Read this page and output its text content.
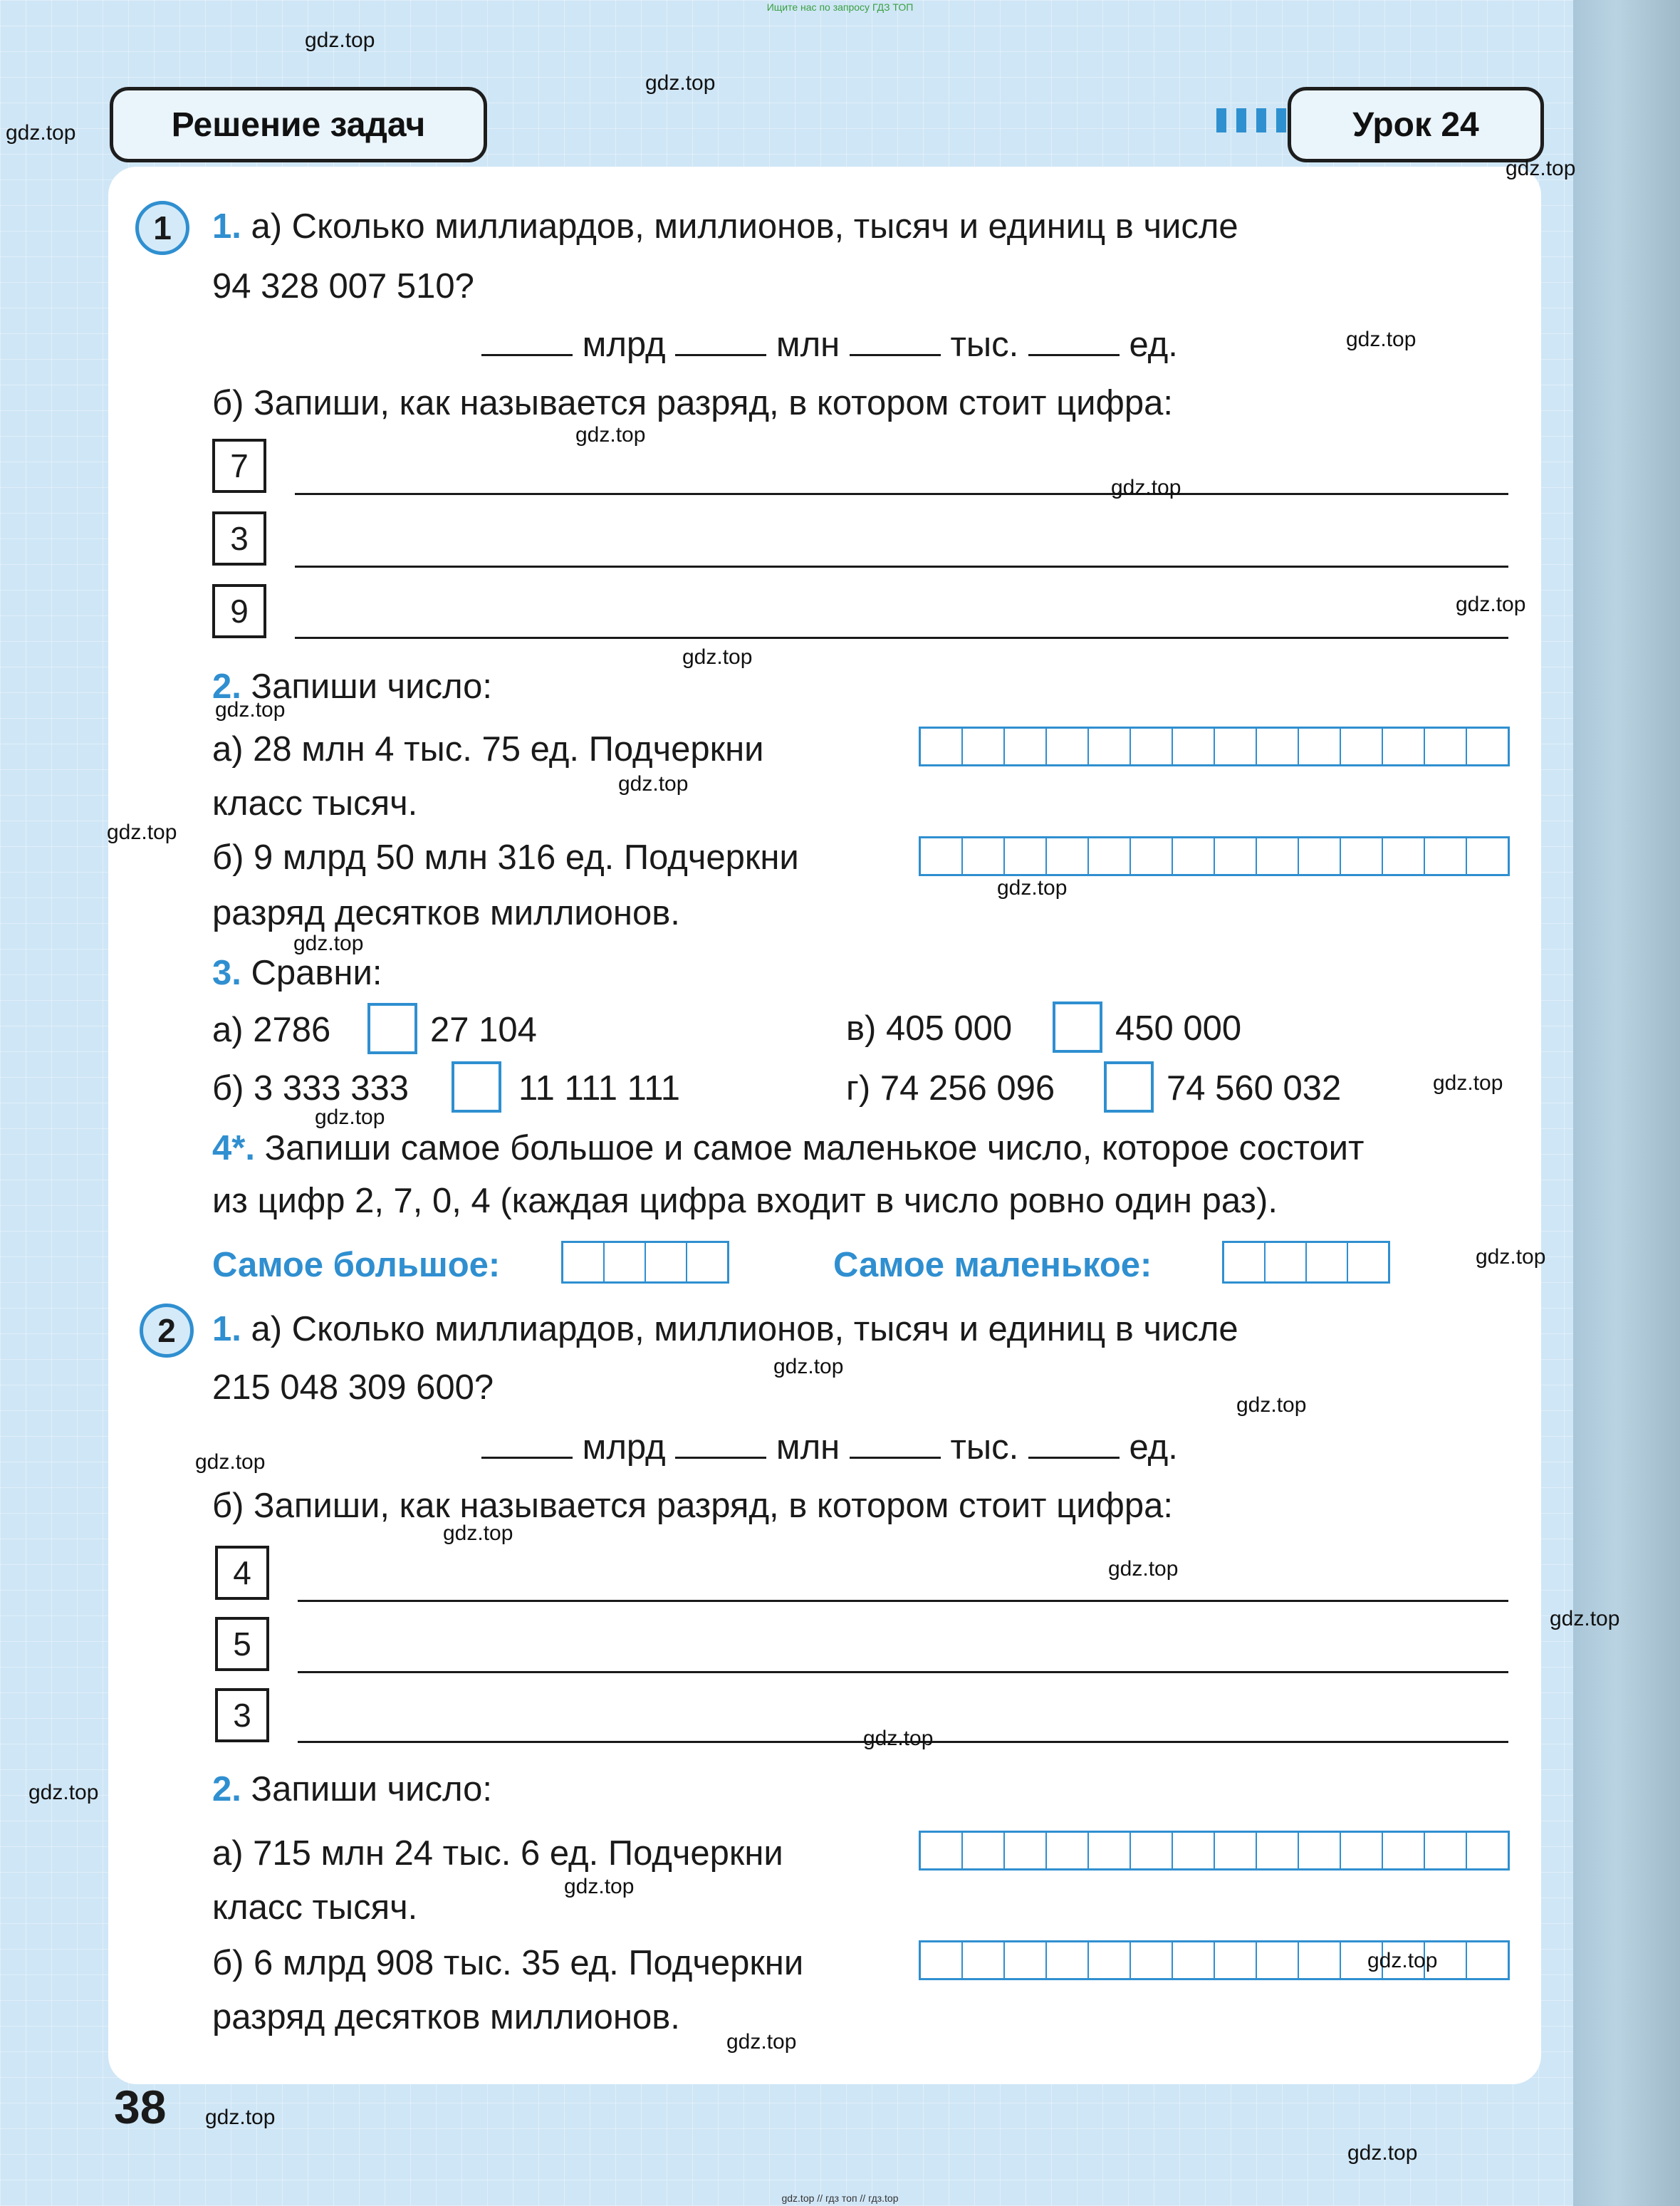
Ищите нас по запросу ГДЗ ТОП
Решение задач	Урок 24
1 1. а) Сколько миллиардов, миллионов, тысяч и единиц в числе
94 328 007 510?
млрд	млн	тыс.	ед.
б) Запиши, как называется разряд, в котором стоит цифра:
7
3
9
2. Запиши число:
а) 28 млн 4 тыс. 75 ед. Подчеркни
класс тысяч.
б) 9 млрд 50 млн 316 ед. Подчеркни
разряд десятков миллионов.
3. Сравни:
а) 2786	27 104
б) 3 333 333	11 111 111
в) 405 000	450 000
г) 74 256 096	74 560 032
4*. Запиши самое большое и самое маленькое число, которое состоит
из цифр 2, 7, 0, 4 (каждая цифра входит в число ровно один раз).
Самое большое:	Самое маленькое:
2 1. а) Сколько миллиардов, миллионов, тысяч и единиц в числе
215 048 309 600?
млрд	млн	тыс.	ед.
б) Запиши, как называется разряд, в котором стоит цифра:
4
5
3
2. Запиши число:
а) 715 млн 24 тыс. 6 ед. Подчеркни
класс тысяч.
б) 6 млрд 908 тыс. 35 ед. Подчеркни
разряд десятков миллионов.
38
gdz.top
gdz.top
gdz.top
gdz.top
gdz.top
gdz.top
gdz.top
gdz.top
gdz.top
gdz.top
gdz.top
gdz.top
gdz.top
gdz.top
gdz.top
gdz.top
gdz.top
gdz.top
gdz.top
gdz.top
gdz.top
gdz.top
gdz.top
gdz.top
gdz.top
gdz.top
gdz.top
gdz.top
gdz.top
gdz.top
gdz.top // гдз топ // гдз.top
